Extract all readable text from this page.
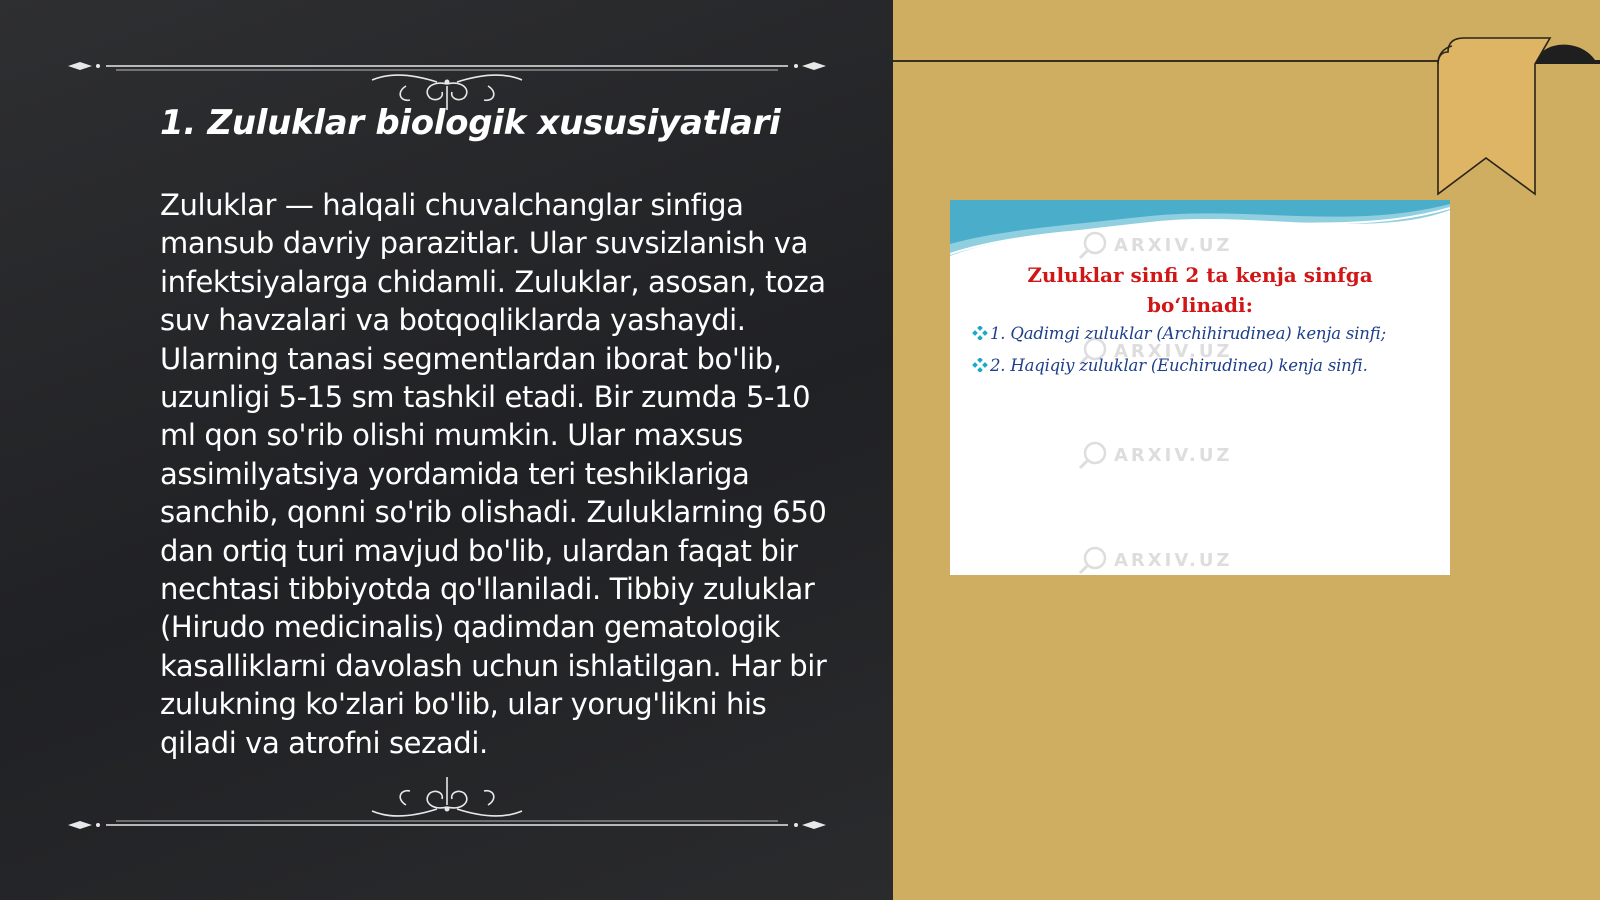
1. Zuluklar biologik xususiyatlari

Zuluklar — halqali chuvalchanglar sinfiga mansub davriy parazitlar. Ular suvsizlanish va infektsiyalarga chidamli. Zuluklar, asosan, toza suv havzalari va botqoqliklarda yashaydi. Ularning tanasi segmentlardan iborat bo'lib, uzunligi 5-15 sm tashkil etadi. Bir zumda 5-10 ml qon so'rib olishi mumkin. Ular maxsus assimilyatsiya yordamida teri teshiklariga sanchib, qonni so'rib olishadi. Zuluklarning 650 dan ortiq turi mavjud bo'lib, ulardan faqat bir nechtasi tibbiyotda qo'llaniladi. Tibbiy zuluklar (Hirudo medicinalis) qadimdan gematologik kasalliklarni davolash uchun ishlatilgan. Har bir zulukning ko'zlari bo'lib, ular yorug'likni his qiladi va atrofni sezadi.

ARXIV.UZ
ARXIV.UZ
ARXIV.UZ
ARXIV.UZ
Zuluklar sinfi 2 ta kenja sinfga
bo‘linadi:
1. Qadimgi zuluklar (Archihirudinea) kenja sinfi;
2. Haqiqiy zuluklar (Euchirudinea) kenja sinfi.
